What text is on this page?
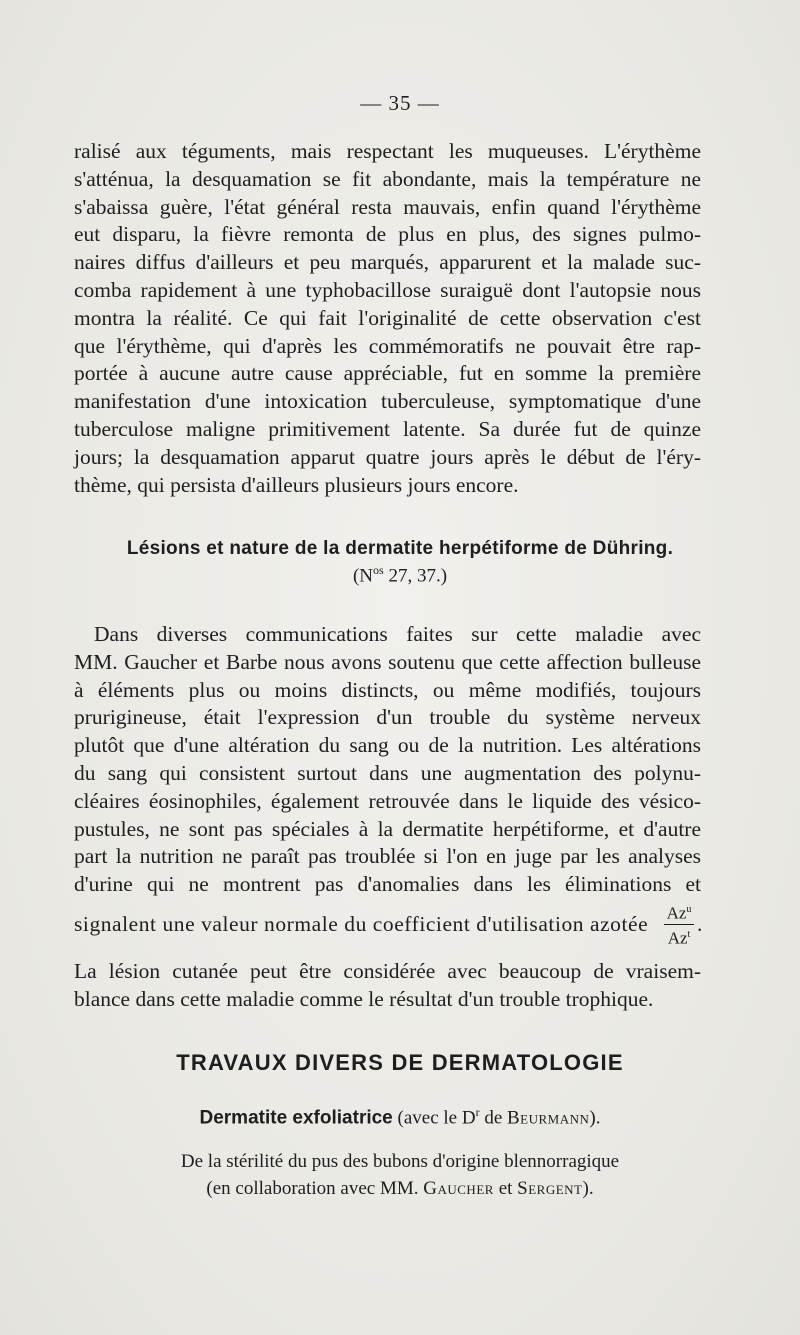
— 35 —

ralisé aux téguments, mais respectant les muqueuses. L'érythème
s'atténua, la desquamation se fit abondante, mais la température ne
s'abaissa guère, l'état général resta mauvais, enfin quand l'érythème
eut disparu, la fièvre remonta de plus en plus, des signes pulmo-
naires diffus d'ailleurs et peu marqués, apparurent et la malade suc-
comba rapidement à une typhobacillose suraiguë dont l'autopsie nous
montra la réalité. Ce qui fait l'originalité de cette observation c'est
que l'érythème, qui d'après les commémoratifs ne pouvait être rap-
portée à aucune autre cause appréciable, fut en somme la première
manifestation d'une intoxication tuberculeuse, symptomatique d'une
tuberculose maligne primitivement latente. Sa durée fut de quinze
jours; la desquamation apparut quatre jours après le début de l'éry-
thème, qui persista d'ailleurs plusieurs jours encore.

Lésions et nature de la dermatite herpétiforme de Dühring.
($N^{os}$ 27, 37.)

Dans diverses communications faites sur cette maladie avec
MM. Gaucher et Barbe nous avons soutenu que cette affection bulleuse
à éléments plus ou moins distincts, ou même modifiés, toujours
prurigineuse, était l'expression d'un trouble du système nerveux
plutôt que d'une altération du sang ou de la nutrition. Les altérations
du sang qui consistent surtout dans une augmentation des polynu-
cléaires éosinophiles, également retrouvée dans le liquide des vésico-
pustules, ne sont pas spéciales à la dermatite herpétiforme, et d'autre
part la nutrition ne paraît pas troublée si l'on en juge par les analyses
d'urine qui ne montrent pas d'anomalies dans les éliminations et

signalent une valeur normale du coefficient d'utilisation azotée Az$^u$
Az$^t$ .

La lésion cutanée peut être considérée avec beaucoup de vraisem-
blance dans cette maladie comme le résultat d'un trouble trophique.

TRAVAUX DIVERS DE DERMATOLOGIE
Dermatite exfoliatrice (avec le $D^r$ de Beurmann).
De la stérilité du pus des bubons d'origine blennorragique
(en collaboration avec MM. Gaucher et Sergent).
